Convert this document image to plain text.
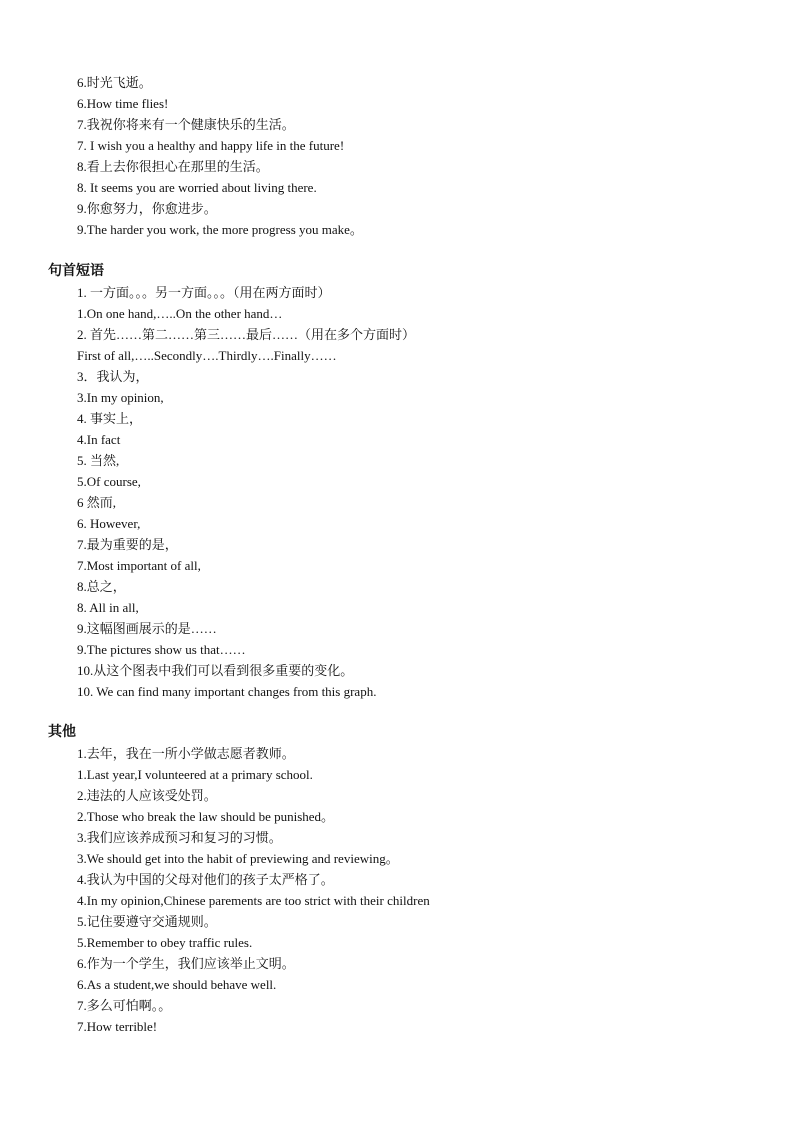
6.时光飞逝。
6.How time flies!
7.我祝你将来有一个健康快乐的生活。
7. I wish you a healthy and happy life in the future!
8.看上去你很担心在那里的生活。
8. It seems you are worried about living there.
9.你愈努力，你愈进步。
9.The harder you work, the more progress you make。
句首短语
1. 一方面。。。另一方面。。。（用在两方面时）
1.On one hand,…..On the other hand…
2. 首先……第二……第三……最后……（用在多个方面时）
First of all,…..Secondly….Thirdly….Finally……
3．我认为，
3.In my opinion,
4. 事实上，
4.In fact
5. 当然,
5.Of course,
6 然而,
6. However,
7.最为重要的是，
7.Most important of all,
8.总之，
8. All in all,
9.这幅图画展示的是……
9.The pictures show us that……
10.从这个图表中我们可以看到很多重要的变化。
10. We can find many important changes from this graph.
其他
1.去年，我在一所小学做志愿者教师。
1.Last year,I volunteered at a primary school.
2.违法的人应该受处罚。
2.Those who break the law should be punished。
3.我们应该养成预习和复习的习惯。
3.We should get into the habit of previewing and reviewing。
4.我认为中国的父母对他们的孩子太严格了。
4.In my opinion,Chinese parements are too strict with their children
5.记住要遵守交通规则。
5.Remember to obey traffic rules.
6.作为一个学生，我们应该举止文明。
6.As a student,we should behave well.
7.多么可怕啊。。
7.How terrible!
